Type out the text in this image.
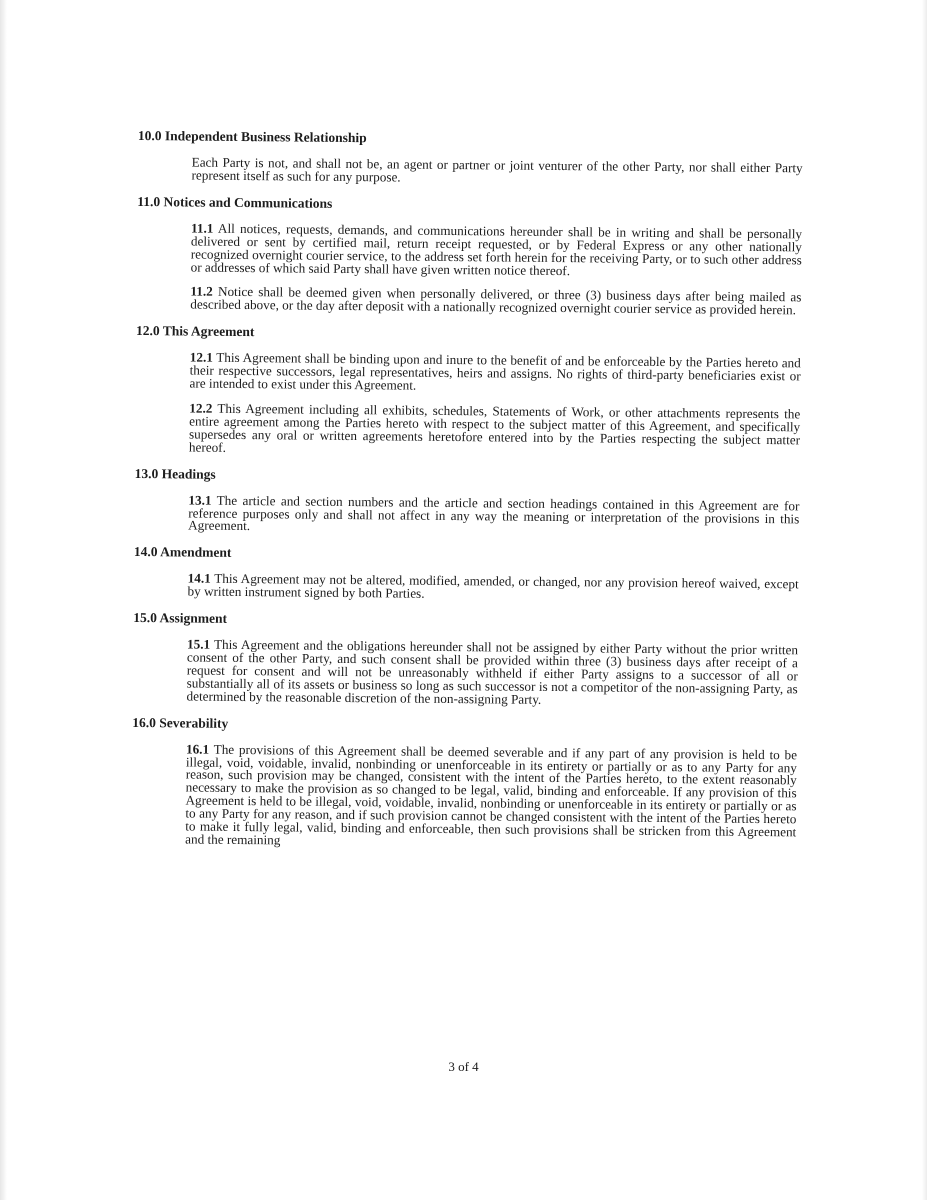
10.0 Independent Business Relationship

Each Party is not, and shall not be, an agent or partner or joint venturer of the other Party, nor shall either Party represent itself as such for any purpose.

11.0 Notices and Communications

11.1 All notices, requests, demands, and communications hereunder shall be in writing and shall be personally delivered or sent by certified mail, return receipt requested, or by Federal Express or any other nationally recognized overnight courier service, to the address set forth herein for the receiving Party, or to such other address or addresses of which said Party shall have given written notice thereof.

11.2 Notice shall be deemed given when personally delivered, or three (3) business days after being mailed as described above, or the day after deposit with a nationally recognized overnight courier service as provided herein.

12.0 This Agreement

12.1 This Agreement shall be binding upon and inure to the benefit of and be enforceable by the Parties hereto and their respective successors, legal representatives, heirs and assigns. No rights of third-party beneficiaries exist or are intended to exist under this Agreement.

12.2 This Agreement including all exhibits, schedules, Statements of Work, or other attachments represents the entire agreement among the Parties hereto with respect to the subject matter of this Agreement, and specifically supersedes any oral or written agreements heretofore entered into by the Parties respecting the subject matter hereof.

13.0 Headings

13.1 The article and section numbers and the article and section headings contained in this Agreement are for reference purposes only and shall not affect in any way the meaning or interpretation of the provisions in this Agreement.

14.0 Amendment

14.1 This Agreement may not be altered, modified, amended, or changed, nor any provision hereof waived, except by written instrument signed by both Parties.

15.0 Assignment

15.1 This Agreement and the obligations hereunder shall not be assigned by either Party without the prior written consent of the other Party, and such consent shall be provided within three (3) business days after receipt of a request for consent and will not be unreasonably withheld if either Party assigns to a successor of all or substantially all of its assets or business so long as such successor is not a competitor of the non-assigning Party, as determined by the reasonable discretion of the non-assigning Party.

16.0 Severability

16.1 The provisions of this Agreement shall be deemed severable and if any part of any provision is held to be illegal, void, voidable, invalid, nonbinding or unenforceable in its entirety or partially or as to any Party for any reason, such provision may be changed, consistent with the intent of the Parties hereto, to the extent reasonably necessary to make the provision as so changed to be legal, valid, binding and enforceable. If any provision of this Agreement is held to be illegal, void, voidable, invalid, nonbinding or unenforceable in its entirety or partially or as to any Party for any reason, and if such provision cannot be changed consistent with the intent of the Parties hereto to make it fully legal, valid, binding and enforceable, then such provisions shall be stricken from this Agreement and the remaining

3 of 4
